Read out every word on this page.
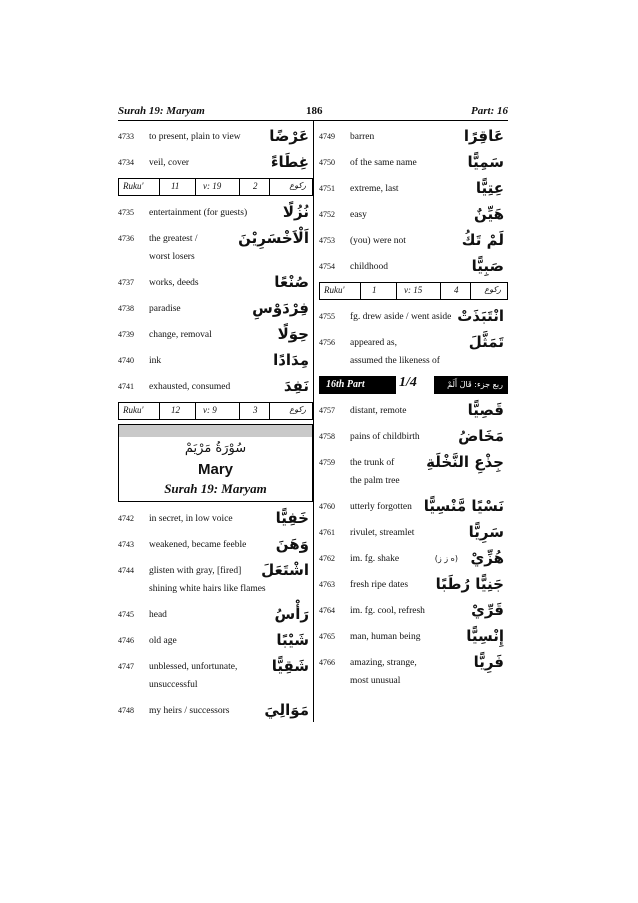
Surah 19: Maryam	186	Part: 16
4733 to present, plain to view عَرْضًا
4734 veil, cover	غِطَاءً
Ruku'	11	v: 19	2	رکوع
4735 entertainment (for guests) نُزُلًا
4736 the greatest /
worst losers
اَلْاَخْسَرِيْنَ
4737 works, deeds	صُنْعًا
4738 paradise	فِرْدَوْسِ
4739 change, removal	حِوَلًا
4740 ink	مِدَادًا
4741 exhausted, consumed	نَفِدَ
Ruku'	12	v: 9	3	رکوع
سُوْرَةُ مَرْيَمْ
Mary
Surah 19: Maryam
4742 in secret, in low voice	خَفِيًّا
4743 weakened, became feeble وَهَنَ
4744 glisten with gray, [fired]
shining white hairs like flames
اشْتَعَلَ
4745 head	رَأْسُ
4746 old age	شَيْبًا
4747 unblessed, unfortunate,
unsuccessful
شَقِيًّا
4748 my heirs / successors مَوَالِيَ
4749 barren	عَاقِرًا
4750 of the same name	سَمِيًّا
4751 extreme, last	عِتِيًّا
4752 easy	هَيِّنٌ
4753 (you) were not	لَمْ تَكُ
4754 childhood	صَبِيًّا
Ruku'	1	v: 15	4	رکوع
4755 fg. drew aside / went aside انْتَبَذَتْ
4756 appeared as,
assumed the likeness of
تَمَثَّلَ
16th Part 1/4	ربع جزء: قَالَ أَلَمْ
4757 distant, remote	قَصِيًّا
4758 pains of childbirth	مَخَاضُ
4759 the trunk of
the palm tree
جِذْعِ النَّخْلَةِ
4760 utterly forgotten نَسْيًا مَّنْسِيًّا
4761 rivulet, streamlet	سَرِيًّا
4762 im. fg. shake	(ه ز ز) هُزِّيْ
4763 fresh ripe dates جَنِيًّا رُطَبًا
4764 im. fg. cool, refresh	قَرِّيْ
4765 man, human being	إِنْسِيًّا
4766 amazing, strange,
most unusual
فَرِيًّا
